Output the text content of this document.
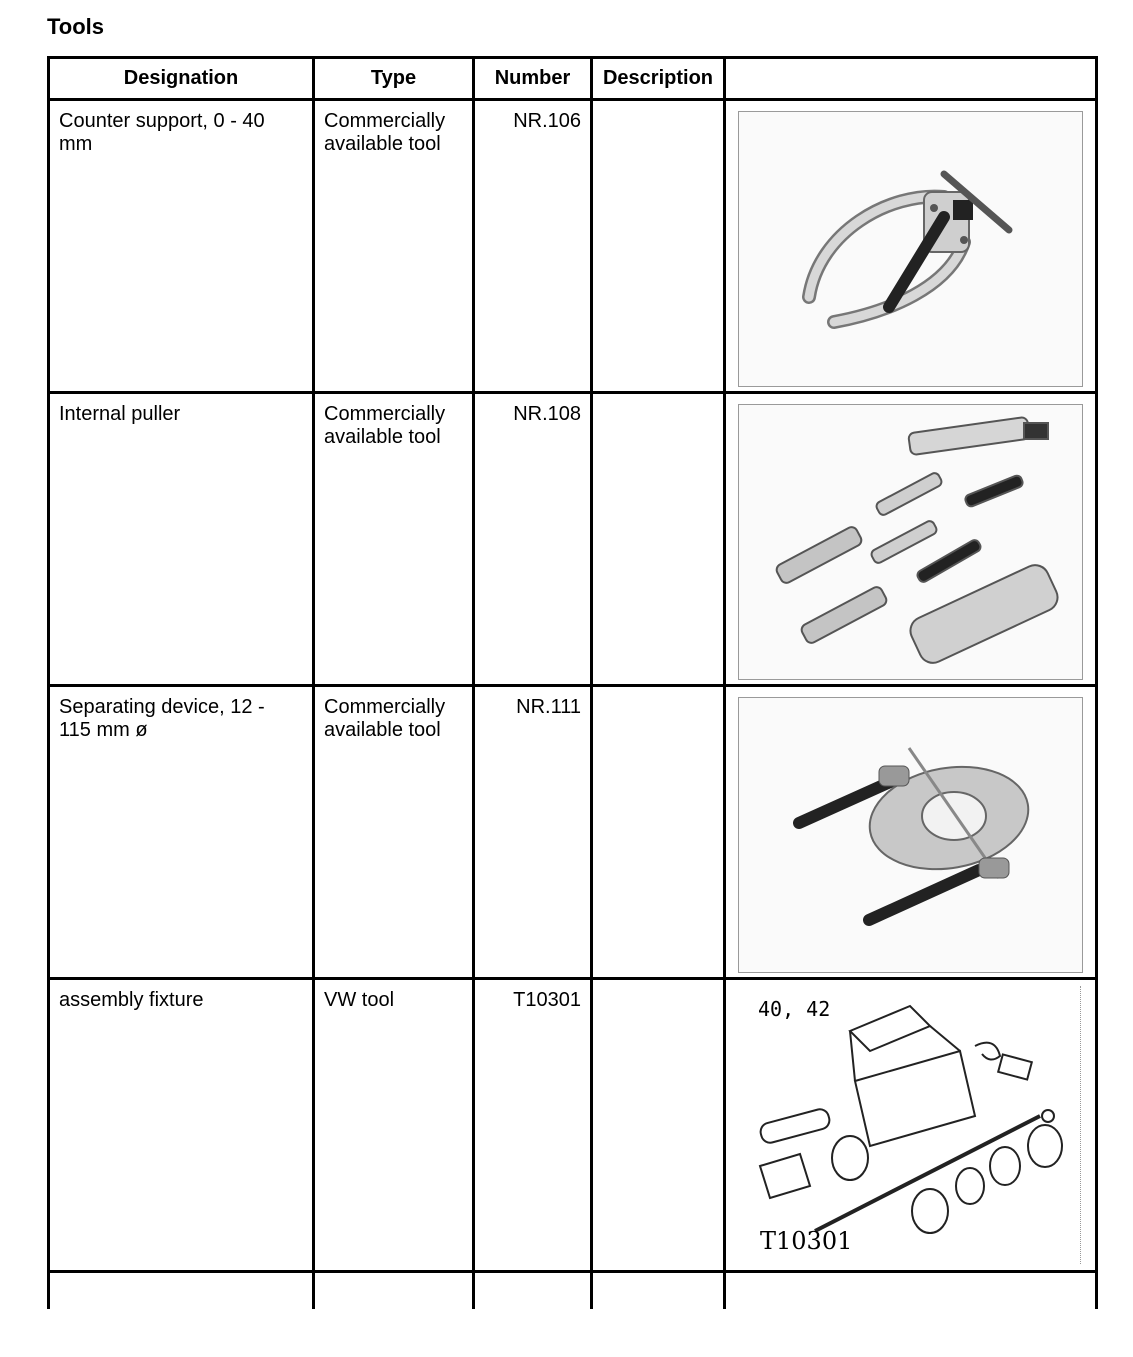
Tools
Designation	Type	Number	Description	

Counter support, 0 - 40 mm	Commercially available tool	NR.106

Internal puller	Commercially available tool	NR.108

Separating device, 12 - 115 mm ø	Commercially available tool	NR.111

assembly fixture	VW tool	T10301		40, 42
T10301
